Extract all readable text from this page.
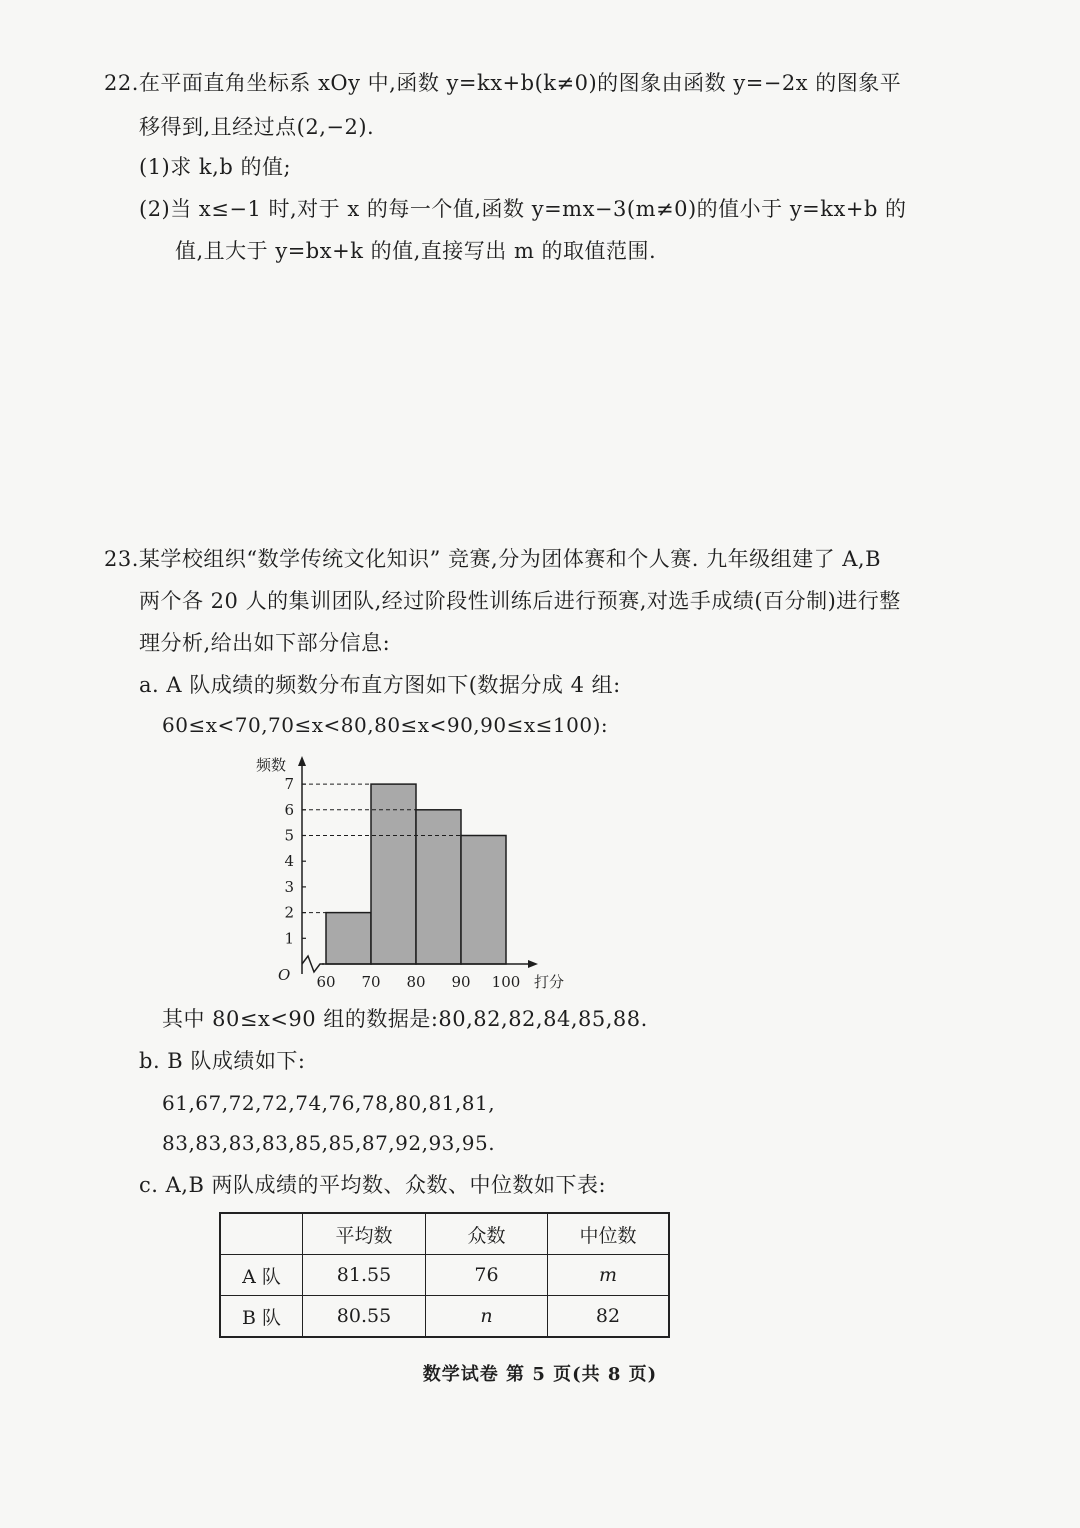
22.在平面直角坐标系 xOy 中,函数 y=kx+b(k≠0)的图象由函数 y=−2x 的图象平
移得到,且经过点(2,−2).
(1)求 k,b 的值;
(2)当 x≤−1 时,对于 x 的每一个值,函数 y=mx−3(m≠0)的值小于 y=kx+b 的
值,且大于 y=bx+k 的值,直接写出 m 的取值范围.
23.某学校组织“数学传统文化知识” 竞赛,分为团体赛和个人赛. 九年级组建了 A,B
两个各 20 人的集训团队,经过阶段性训练后进行预赛,对选手成绩(百分制)进行整
理分析,给出如下部分信息:
a. A 队成绩的频数分布直方图如下(数据分成 4 组:
60≤x<70,70≤x<80,80≤x<90,90≤x≤100):
1
2
3
4
5
6
7
60 70 80 90 100
频数
打分
O
其中 80≤x<90 组的数据是:80,82,82,84,85,88.
b. B 队成绩如下:
61,67,72,72,74,76,78,80,81,81,
83,83,83,83,85,85,87,92,93,95.
c. A,B 两队成绩的平均数、众数、中位数如下表:
	平均数	众数	中位数
A 队	81.55	76	m
B 队	80.55	n	82
数学试卷 第 5 页(共 8 页)
